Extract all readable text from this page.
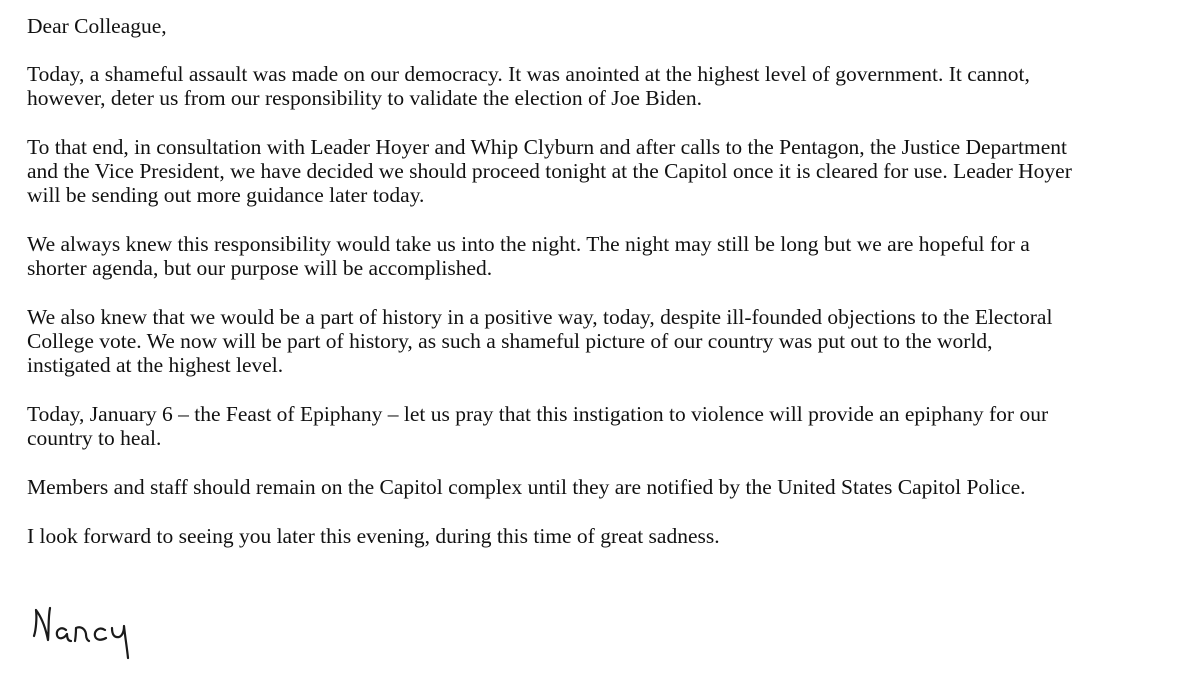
Dear Colleague,

Today, a shameful assault was made on our democracy. It was anointed at the highest level of government. It cannot,
however, deter us from our responsibility to validate the election of Joe Biden.

To that end, in consultation with Leader Hoyer and Whip Clyburn and after calls to the Pentagon, the Justice Department
and the Vice President, we have decided we should proceed tonight at the Capitol once it is cleared for use. Leader Hoyer
will be sending out more guidance later today.

We always knew this responsibility would take us into the night. The night may still be long but we are hopeful for a
shorter agenda, but our purpose will be accomplished.

We also knew that we would be a part of history in a positive way, today, despite ill-founded objections to the Electoral
College vote. We now will be part of history, as such a shameful picture of our country was put out to the world,
instigated at the highest level.

Today, January 6 – the Feast of Epiphany – let us pray that this instigation to violence will provide an epiphany for our
country to heal.

Members and staff should remain on the Capitol complex until they are notified by the United States Capitol Police.

I look forward to seeing you later this evening, during this time of great sadness.
